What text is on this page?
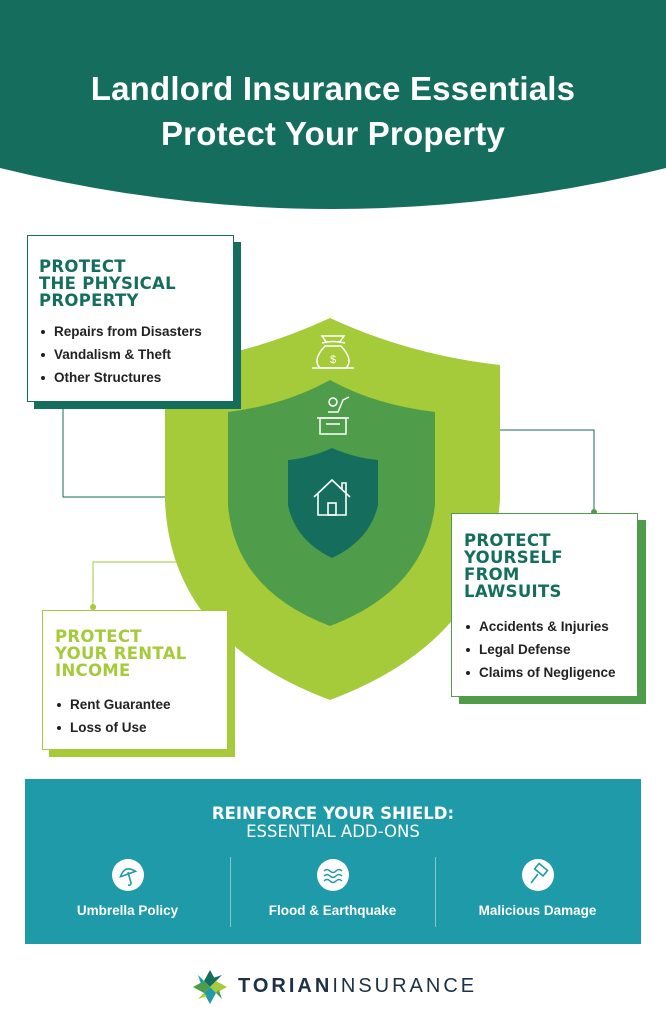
Landlord Insurance Essentials
Protect Your Property
$
PROTECT
THE PHYSICAL
PROPERTY
Repairs from Disasters
Vandalism & Theft
Other Structures
PROTECT
YOURSELF
FROM
LAWSUITS
Accidents & Injuries
Legal Defense
Claims of Negligence
PROTECT
YOUR RENTAL
INCOME
Rent Guarantee
Loss of Use
REINFORCE YOUR SHIELD:
ESSENTIAL ADD-ONS
Umbrella Policy	Flood & Earthquake	Malicious Damage
TORIANINSURANCE
